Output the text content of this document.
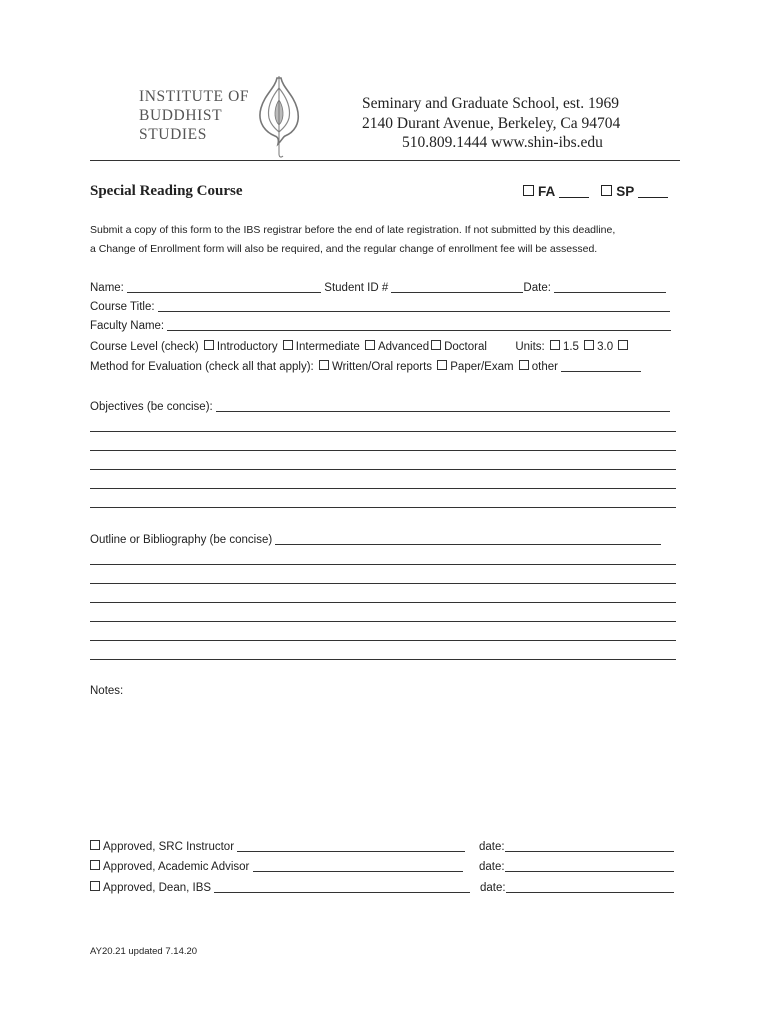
INSTITUTE OF
BUDDHIST
STUDIES
Seminary and Graduate School, est. 1969
2140 Durant Avenue, Berkeley, Ca 94704
510.809.1444 www.shin-ibs.edu
Special Reading Course	FA	SP
Submit a copy of this form to the IBS registrar before the end of late registration. If not submitted by this deadline,
a Change of Enrollment form will also be required, and the regular change of enrollment fee will be assessed.
Name:	Student ID #	Date:
Course Title:
Faculty Name:
Course Level (check) Introductory Intermediate Advanced Doctoral Units: 1.5 3.0
Method for Evaluation (check all that apply): Written/Oral reports Paper/Exam other
Objectives (be concise):
Outline or Bibliography (be concise)
Notes:
Approved, SRC Instructor	date:
Approved, Academic Advisor	date:
Approved, Dean, IBS	date:
AY20.21 updated 7.14.20
